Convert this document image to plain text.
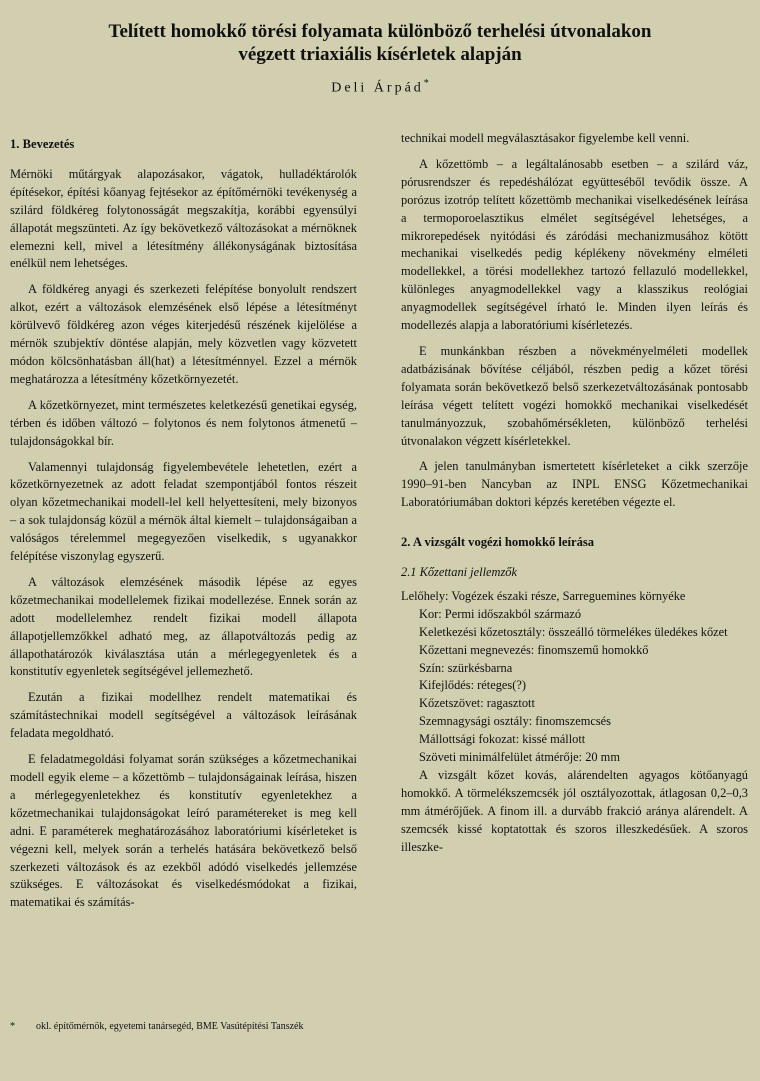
Telített homokkő törési folyamata különböző terhelési útvonalakon
végzett triaxiális kísérletek alapján
Deli Árpád*
1. Bevezetés

Mérnöki műtárgyak alapozásakor, vágatok, hulladéktárolók építésekor, építési kőanyag fejtésekor az építőmérnöki tevékenység a szilárd földkéreg folytonosságát megszakítja, korábbi egyensúlyi állapotát megszünteti. Az így bekövetkező változásokat a mérnöknek elemezni kell, mivel a létesítmény állékonyságának biztosítása enélkül nem lehetséges.

A földkéreg anyagi és szerkezeti felépítése bonyolult rendszert alkot, ezért a változások elemzésének első lépése a létesítményt körülvevő földkéreg azon véges kiterjedésű részének kijelölése a mérnök szubjektív döntése alapján, mely közvetlen vagy közvetett módon kölcsönhatásban áll(hat) a létesítménnyel. Ezzel a mérnök meghatározza a létesítmény kőzetkörnyezetét.

A kőzetkörnyezet, mint természetes keletkezésű genetikai egység, térben és időben változó – folytonos és nem folytonos átmenetű – tulajdonságokkal bír.

Valamennyi tulajdonság figyelembevétele lehetetlen, ezért a kőzetkörnyezetnek az adott feladat szempontjából fontos részeit olyan kőzetmechanikai modell-lel kell helyettesíteni, mely bizonyos – a sok tulajdonság közül a mérnök által kiemelt – tulajdonságaiban a valóságos térelemmel megegyezően viselkedik, s ugyanakkor felépítése viszonylag egyszerű.

A változások elemzésének második lépése az egyes kőzetmechanikai modellelemek fizikai modellezése. Ennek során az adott modellelemhez rendelt fizikai modell állapota állapotjellemzőkkel adható meg, az állapotváltozás pedig az állapothatározók kiválasztása után a mérlegegyenletek és a konstitutív egyenletek segítségével jellemezhető.

Ezután a fizikai modellhez rendelt matematikai és számítástechnikai modell segítségével a változások leírásának feladata megoldható.

E feladatmegoldási folyamat során szükséges a kőzetmechanikai modell egyik eleme – a kőzettömb – tulajdonságainak leírása, hiszen a mérlegegyenletekhez és konstitutív egyenletekhez a kőzetmechanikai tulajdonságokat leíró paramétereket is meg kell adni. E paraméterek meghatározásához laboratóriumi kísérleteket is végezni kell, melyek során a terhelés hatására bekövetkező belső szerkezeti változások és az ezekből adódó viselkedés jellemzése szükséges. E változásokat és viselkedésmódokat a fizikai, matematikai és számítás-

technikai modell megválasztásakor figyelembe kell venni.

A kőzettömb – a legáltalánosabb esetben – a szilárd váz, pórusrendszer és repedéshálózat együtteséből tevődik össze. A porózus izotróp telített kőzettömb mechanikai viselkedésének leírása a termoporoelasztikus elmélet segítségével lehetséges, a mikrorepedések nyitódási és záródási mechanizmusához kötött mechanikai viselkedés pedig képlékeny növekmény elméleti modellekkel, a törési modellekhez tartozó fellazuló modellekkel, különleges anyagmodellekkel vagy a klasszikus reológiai anyagmodellek segítségével írható le. Minden ilyen leírás és modellezés alapja a laboratóriumi kísérletezés.

E munkánkban részben a növekményelméleti modellek adatbázisának bővítése céljából, részben pedig a kőzet törési folyamata során bekövetkező belső szerkezetváltozásának pontosabb leírása végett telített vogézi homokkő mechanikai viselkedését tanulmányozzuk, szobahőmérsékleten, különböző terhelési útvonalakon végzett kísérletekkel.

A jelen tanulmányban ismertetett kísérleteket a cikk szerzője 1990–91-ben Nancyban az INPL ENSG Kőzetmechanikai Laboratóriumában doktori képzés keretében végezte el.

2. A vizsgált vogézi homokkő leírása
2.1 Kőzettani jellemzők

Lelőhely: Vogézek északi része, Sarreguemines környéke

Kor: Permi időszakból származó

Keletkezési kőzetosztály: összeálló törmelékes üledékes kőzet

Kőzettani megnevezés: finomszemű homokkő

Szín: szürkésbarna

Kifejlődés: réteges(?)

Kőzetszövet: ragasztott

Szemnagysági osztály: finomszemcsés

Mállottsági fokozat: kissé mállott

Szöveti minimálfelület átmérője: 20 mm

A vizsgált kőzet kovás, alárendelten agyagos kötőanyagú homokkő. A törmelékszemcsék jól osztályozottak, átlagosan 0,2–0,3 mm átmérőjűek. A finom ill. a durvább frakció aránya alárendelt. A szemcsék kissé koptatottak és szoros illeszkedésűek. A szoros illeszke-

* okl. építőmérnök, egyetemi tanársegéd, BME Vasútépítési Tanszék
